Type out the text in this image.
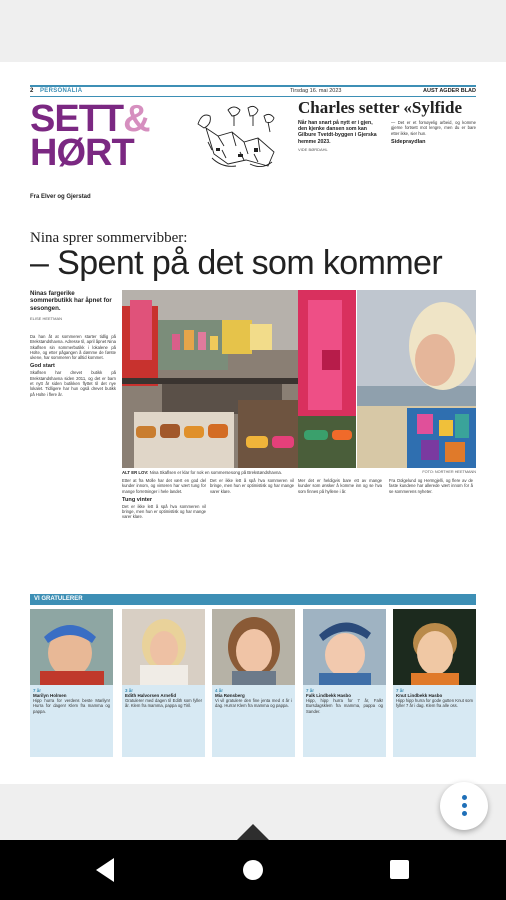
2 PERSONALIA	Tirsdag 16. mai 2023	AUST AGDER BLAD
SETT&
HØRT
Fra Elver og Gjerstad
Charles setter «Sylfide
Når han snart på nytt er i gjen, den kjenke dansen som kan Gilbure Tvetdt-byggen i Gjerska hemme 2023.
VIDE BØRDAHL
— Det er et fornøyelig arbeid, og komme gjerne fortsett mot lengre, men du er bare etter ikke, sier hun.
Sidepraydlan
Nina sprer sommervibber:
– Spent på det som kommer
Ninas fargerike sommerbutikk har åpnet for sesongen.
ELISE HEETMAN
Da han åt at sommeren starter tidlig på Brekstøndshavna. Adresse til, april åpnet Nina Skaflsen sin sommerbutikk i lokalene på Holte, og etter pågangen å dømme de første ukene, har sommeren for alltid kommet.
God start
Skaflsen har drevet butikk på Brekstøndshavna siden 2011, og det er barn et nytt år siden butikken flyttet til det nye lokalet. Tidligere har hun også drevet butikk på Holte i flere år.
ALT ER LOV: Nina Skaflsen er klar for nok en sommersesong på Brekstøndshavna.	FOTO: NORTHER HEETMANN
Etter at fra Molle har det vært en god del kunder innom, og vinteren har vært tung for mange forretninger i hele landet.
Tung vinter
Det er ikke lett å spå hva sommeren vil bringe, men hun er optimistisk og har mange varer klare.
Det er ikke lett å spå hva sommeren vil bringe, men hun er optimistisk og har mange varer klare.
Mer det er heldigvis bare ett av mange kunder som ønsker å komme inn og se hva som finnes på hyllene i år.
Fra Dolgelund og Hermgjelli, og flere av de faste kundene har allerede vært innom for å se sommerens nyheter.
VI GRATULERER
7 år
Marilyn Holmen
Hipp hurra for verdens beste Marilyn! Hurra for dagen! Klem fra mamma og pappa.
3 år
Edith Halvorsen Arnefid
Gratulerer med dagen til Edith som fyller år. Klem fra mamma, pappa og Tiril.
4 år
Mia Rønsberg
Vi vil gratulere den fine jenta med 4 år i dag. Hurra! Klem fra mamma og pappa.
7 år
Falk Lindbekk Hasbo
Hipp, hipp hurra for 7 år, Falk! Bursdagsklem fra mamma, pappa og Sander.
7 år
Knut Lindbekk Hasbo
Hipp hipp hurra for gode gutten Knut som fyller 7 år i dag. Klem fra alle oss.
